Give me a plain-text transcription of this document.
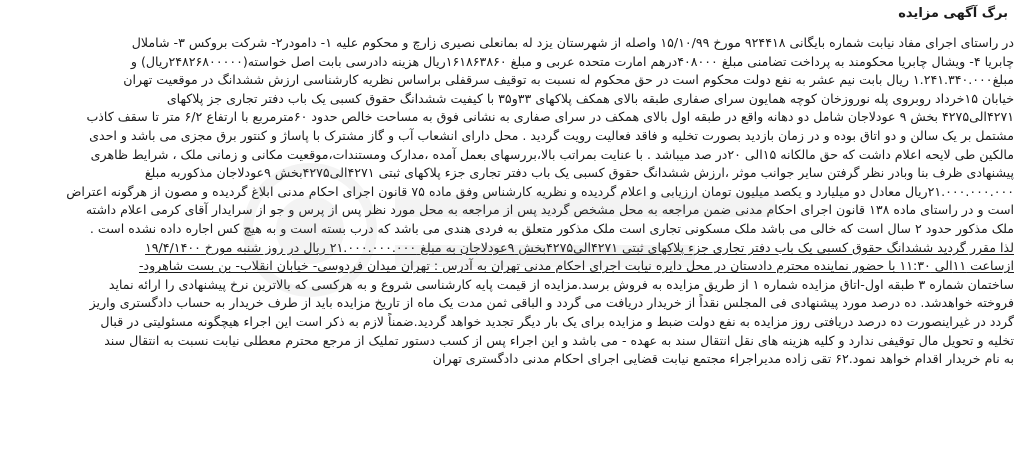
برگ آگهی مزایده
در راستای اجرای مفاد نیابت شماره بایگانی ۹۲۴۴۱۸ مورخ ۱۵/۱۰/۹۹ واصله از شهرستان یزد له بمانعلی نصیری زارچ و محکوم علیه ۱- دامودر۲- شرکت بروکس ۳- شاملال
چابریا ۴- ویشال چابریا محکومند به پرداخت تضامنی مبلغ ۴۰۸۰۰۰درهم امارت متحده عربی و مبلغ ۱۶۱۸۶۳۸۶۰ریال هزینه دادرسی بابت اصل خواسته(۲۴۸۲۶۸۰۰۰۰۰ریال) و
مبلغ۱.۲۴۱.۳۴۰.۰۰۰ ریال بابت نیم عشر به نفع دولت محکوم است در حق محکوم له نسبت به توقیف سرقفلی براساس نظریه کارشناسی ارزش ششدانگ در موقعیت تهران
خیابان ۱۵خرداد روبروی پله نوروزخان کوچه همایون سرای صفاری طبقه بالای همکف پلاکهای ۳۳و۳۵ با کیفیت ششدانگ حقوق کسبی یک باب دفتر تجاری جز پلاکهای
۴۲۷۱الی۴۲۷۵ بخش ۹ عودلاجان شامل دو دهانه واقع در طبقه اول بالای همکف در سرای صفاری به نشانی فوق به مساحت خالص حدود ۶۰مترمربع با ارتفاع ۶/۲ متر تا سقف کاذب
مشتمل بر یک سالن و دو اتاق بوده و در زمان بازدید بصورت تخلیه و فاقد فعالیت رویت گردید . محل دارای انشعاب آب و گاز مشترک با پاساژ و کنتور برق مجزی می باشد و احدی
مالکین طی لایحه اعلام داشت که حق مالکانه ۱۵الی ۲۰در صد میباشد . با عنایت بمراتب بالا،بررسهای بعمل آمده ،مدارک ومستندات،موقعیت مکانی و زمانی ملک ، شرایط ظاهری
پیشنهادی ظرف بنا وبادر نظر گرفتن سایر جوانب موثر ،ارزش ششدانگ حقوق کسبی یک باب دفتر تجاری جزء پلاکهای ثبتی ۴۲۷۱الی۴۲۷۵بخش ۹عودلاجان مذکوربه مبلغ
۲۱.۰۰۰.۰۰۰.۰۰۰ریال معادل دو میلیارد و یکصد میلیون تومان ارزیابی و اعلام گردیده و نظریه کارشناس وفق ماده ۷۵ قانون اجرای احکام مدنی ابلاغ گردیده و مصون از هرگونه اعتراض
است و در راستای ماده ۱۳۸ قانون اجرای احکام مدنی ضمن مراجعه به محل مشخص گردید پس از مراجعه به محل مورد نظر پس از پرس و جو از سرایدار آقای کرمی اعلام داشته
ملک مذکور حدود ۲ سال است که خالی می باشد ملک مسکونی تجاری است ملک مذکور متعلق به فردی هندی می باشد که درب بسته است و به هیچ کس اجاره داده نشده است .
لذا مقرر گردید ششدانگ حقوق کسبی یک باب دفتر تجاری جزء پلاکهای ثبتی ۴۲۷۱الی۴۲۷۵بخش ۹عودلاجان به مبلغ ۲۱.۰۰۰.۰۰۰.۰۰۰ ریال در روز شنبه مورخ ۱۹/۴/۱۴۰۰
ازساعت ۱۱الی ۱۱:۳۰ با حضور نماینده محترم دادستان در محل دایره نیابت اجرای احکام مدنی تهران به آدرس : تهران میدان فردوسی- خیابان انقلاب- بن بست شاهرود-
ساختمان شماره ۳ طبقه اول-اتاق مزایده شماره ۱ از طریق مزایده به فروش برسد.مزایده از قیمت پایه کارشناسی شروع و به هرکسی که بالاترین نرخ پیشنهادی را ارائه نماید
فروخته خواهدشد. ده درصد مورد پیشنهادی فی المجلس نقداً از خریدار دریافت می گردد و الباقی ثمن مدت یک ماه از تاریخ مزایده باید از طرف خریدار به حساب دادگستری واریز
گردد در غیراینصورت ده درصد دریافتی روز مزایده به نفع دولت ضبط و مزایده برای یک بار دیگر تجدید خواهد گردید.ضمناً لازم به ذکر است این اجراء هیچگونه مسئولیتی در قبال
تخلیه و تحویل مال توقیفی ندارد و کلیه هزینه های نقل انتقال سند به عهده - می باشد و این اجراء پس از کسب دستور تملیک از مرجع محترم معطلی نیابت نسبت به انتقال سند
به نام خریدار اقدام خواهد نمود.۶۲ تقی زاده مدیراجراء مجتمع نیابت قضایی اجرای احکام مدنی دادگستری تهران
